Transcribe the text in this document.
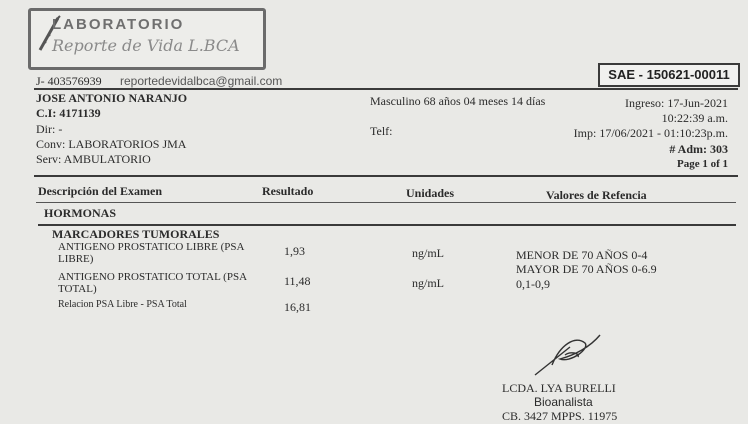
LABORATORIO
Reporte de Vida L.BCA
J- 403576939 reportedevidalbca@gmail.com	SAE - 150621-00011
JOSE ANTONIO NARANJO
C.I: 4171139
Dir: -
Conv: LABORATORIOS JMA
Serv: AMBULATORIO
Masculino 68 años 04 meses 14 días
Telf:
Ingreso: 17-Jun-2021
10:22:39 a.m.
Imp: 17/06/2021 - 01:10:23p.m.
# Adm: 303
Page 1 of 1
Descripción del Examen	Resultado	Unidades	Valores de Refencia
HORMONAS
MARCADORES TUMORALES
ANTIGENO PROSTATICO LIBRE (PSA
LIBRE)
1,93	ng/mL	MENOR DE 70 AÑOS 0-4
MAYOR DE 70 AÑOS 0-6.9
ANTIGENO PROSTATICO TOTAL (PSA
TOTAL)
11,48	ng/mL	0,1-0,9
Relacion PSA Libre - PSA Total	16,81
LCDA. LYA BURELLI
Bioanalista
CB. 3427 MPPS. 11975
